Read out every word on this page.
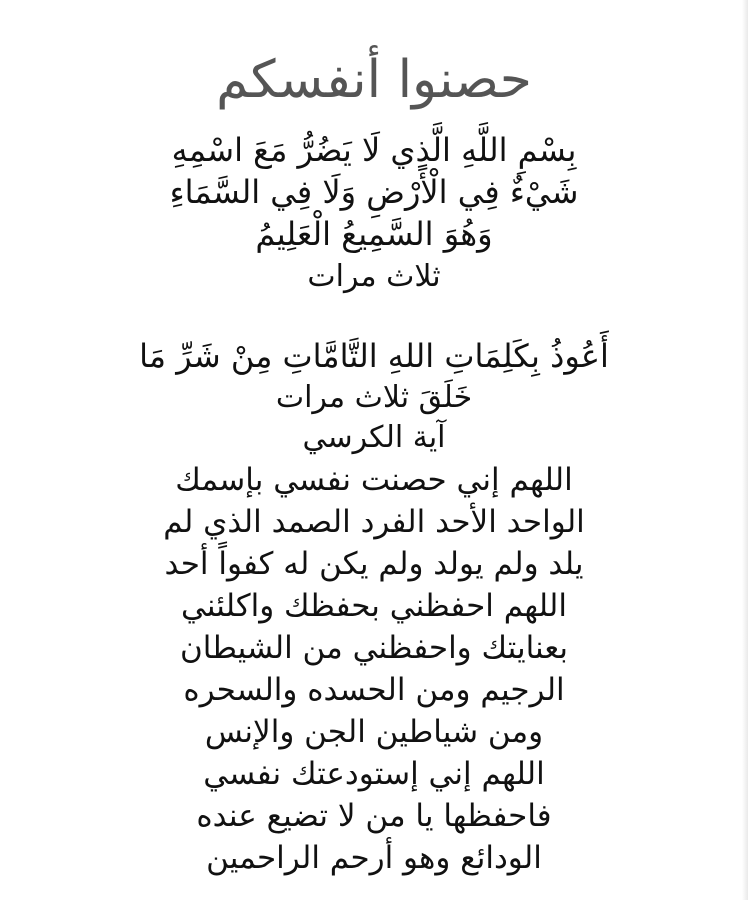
حصنوا أنفسكم
بِسْمِ اللَّهِ الَّذِي لَا يَضُرُّ مَعَ اسْمِهِ
شَيْءٌ فِي الْأَرْضِ وَلَا فِي السَّمَاءِ
وَهُوَ السَّمِيعُ الْعَلِيمُ
ثلاث مرات
أَعُوذُ بِكَلِمَاتِ اللهِ التَّامَّاتِ مِنْ شَرِّ مَا
خَلَقَ ثلاث مرات
آية الكرسي
اللهم إني حصنت نفسي بإسمك
الواحد الأحد الفرد الصمد الذي لم
يلد ولم يولد ولم يكن له كفواً أحد
اللهم احفظني بحفظك واكلئني
بعنايتك واحفظني من الشيطان
الرجيم ومن الحسده والسحره
ومن شياطين الجن والإنس
اللهم إني إستودعتك نفسي
فاحفظها يا من لا تضيع عنده
الودائع وهو أرحم الراحمين
